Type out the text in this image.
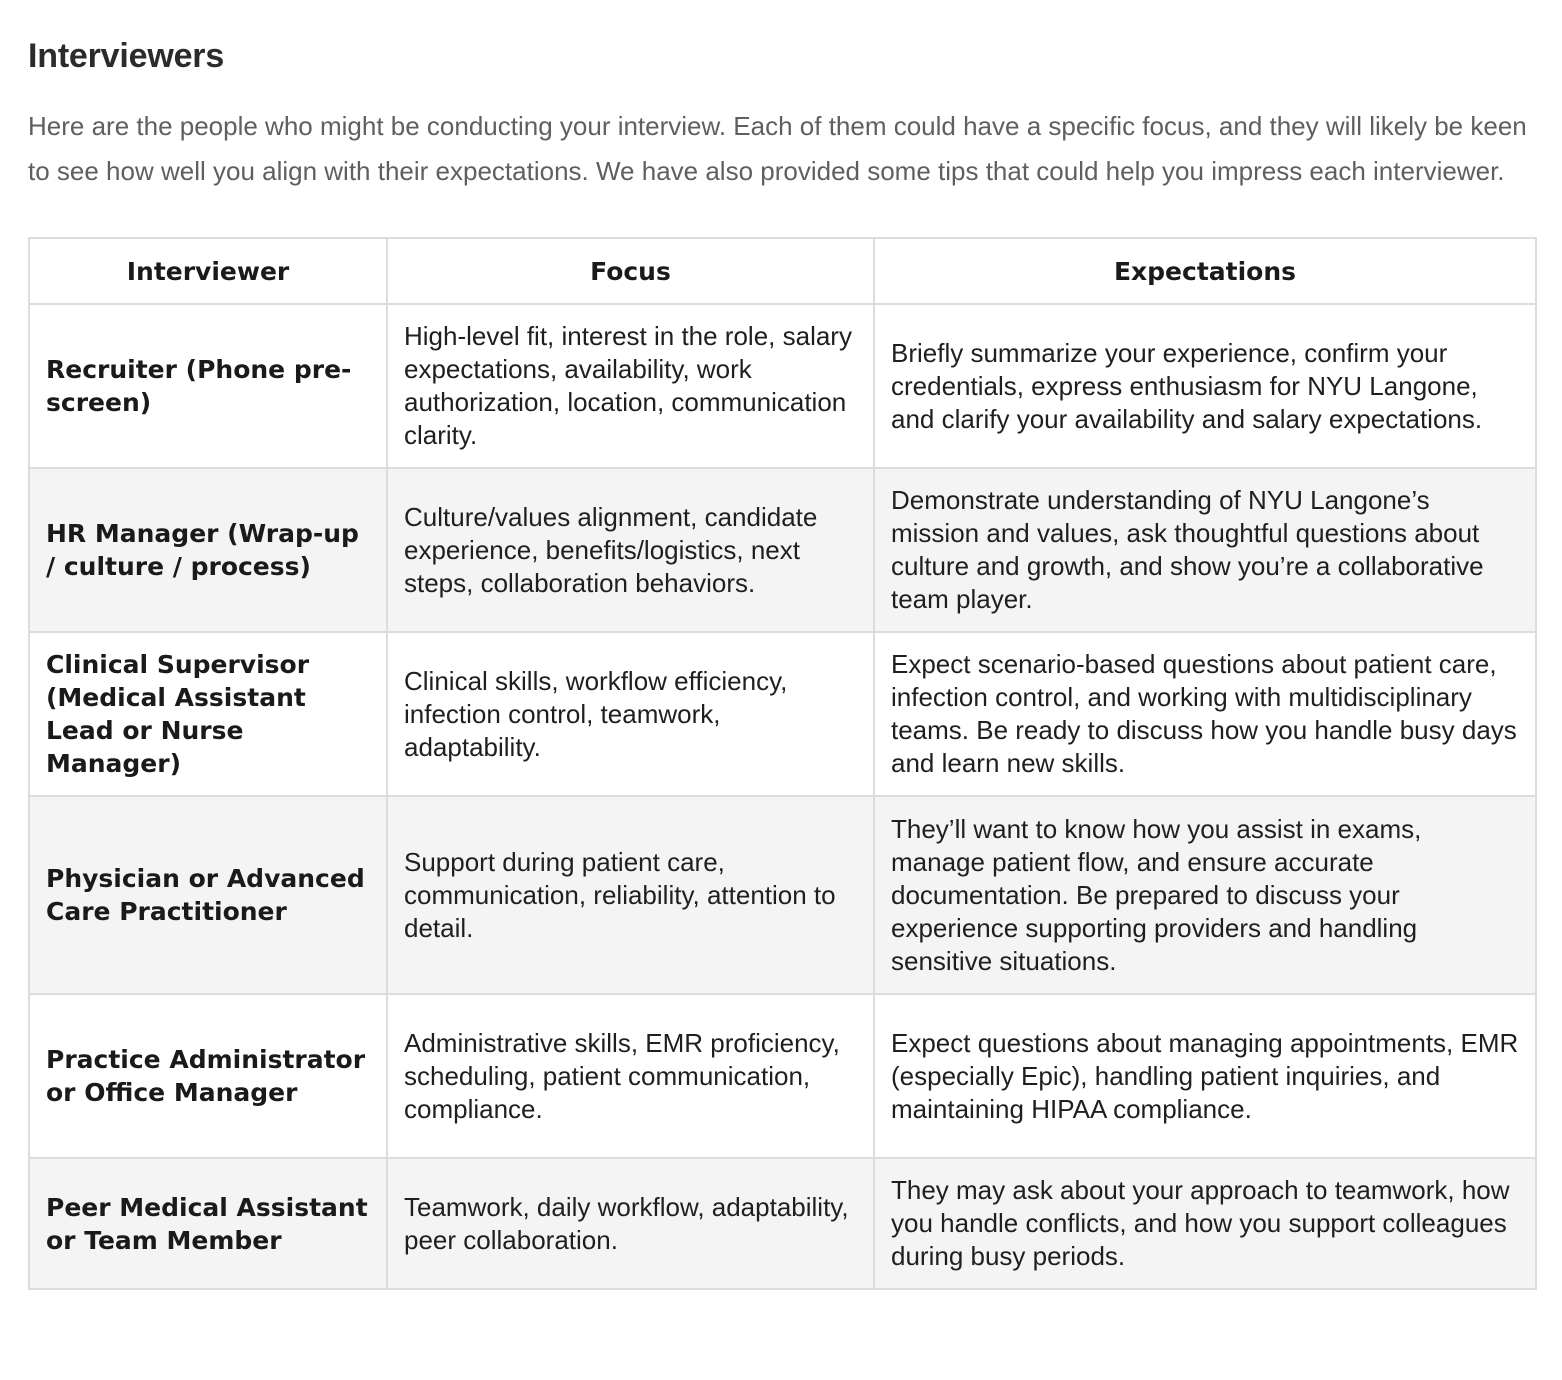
Interviewers

Here are the people who might be conducting your interview. Each of them could have a specific focus, and they will likely be keen to see how well you align with their expectations. We have also provided some tips that could help you impress each interviewer.

Interviewer	Focus	Expectations
Recruiter (Phone pre-screen)	High-level fit, interest in the role, salary expectations, availability, work authorization, location, communication clarity.	Briefly summarize your experience, confirm your credentials, express enthusiasm for NYU Langone, and clarify your availability and salary expectations.
HR Manager (Wrap-up / culture / process)	Culture/values alignment, candidate experience, benefits/logistics, next steps, collaboration behaviors.	Demonstrate understanding of NYU Langone’s mission and values, ask thoughtful questions about culture and growth, and show you’re a collaborative team player.
Clinical Supervisor (Medical Assistant Lead or Nurse Manager)	Clinical skills, workflow efficiency, infection control, teamwork, adaptability.	Expect scenario-based questions about patient care, infection control, and working with multidisciplinary teams. Be ready to discuss how you handle busy days and learn new skills.
Physician or Advanced Care Practitioner	Support during patient care, communication, reliability, attention to detail.	They’ll want to know how you assist in exams, manage patient flow, and ensure accurate documentation. Be prepared to discuss your experience supporting providers and handling sensitive situations.
Practice Administrator or Office Manager	Administrative skills, EMR proficiency, scheduling, patient communication, compliance.	Expect questions about managing appointments, EMR (especially Epic), handling patient inquiries, and maintaining HIPAA compliance.
Peer Medical Assistant or Team Member	Teamwork, daily workflow, adaptability, peer collaboration.	They may ask about your approach to teamwork, how you handle conflicts, and how you support colleagues during busy periods.
